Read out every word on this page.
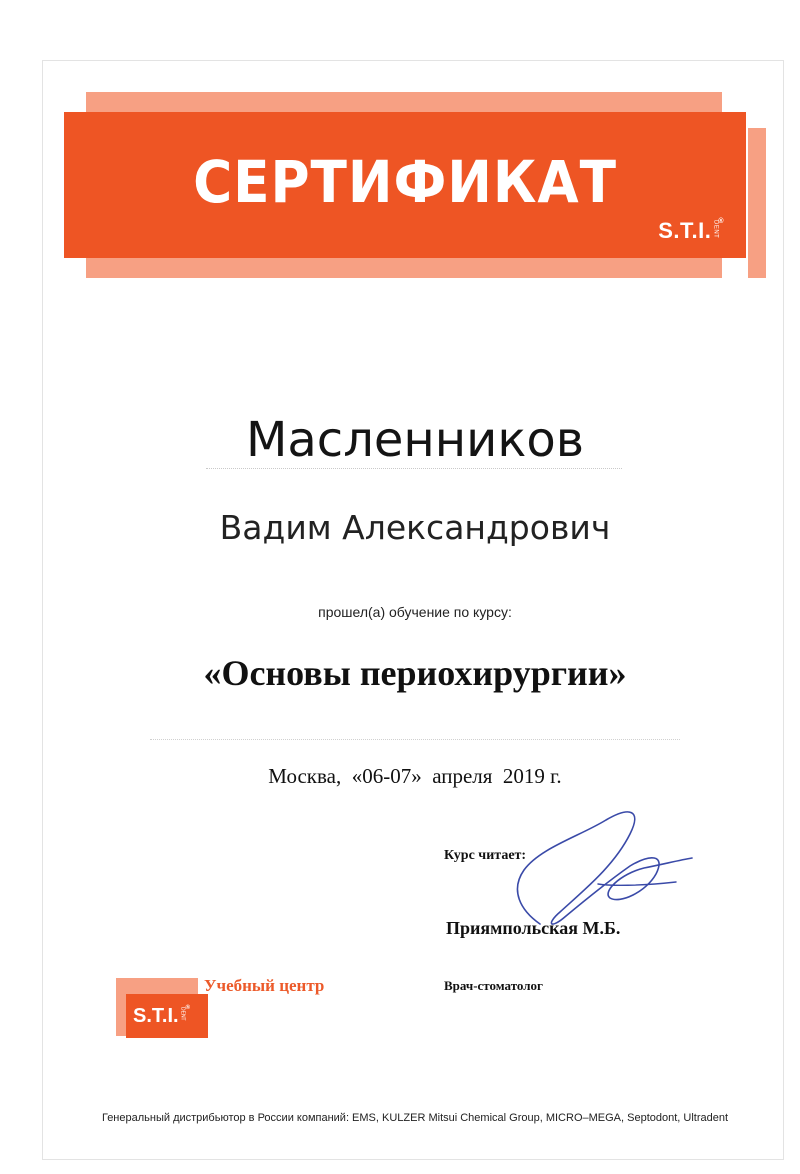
СЕРТИФИКАТ
S.T.I. DENT ®
Масленников
Вадим Александрович
прошел(а) обучение по курсу:
«Основы периохирургии»
Москва,  «06-07»  апреля  2019 г.
Курс читает:
Приямпольская М.Б.
Врач-стоматолог
S.T.I. DENT ®
Учебный центр
Генеральный дистрибьютор в России компаний: EMS, KULZER Mitsui Chemical Group, MICRO–MEGA, Septodont, Ultradent
